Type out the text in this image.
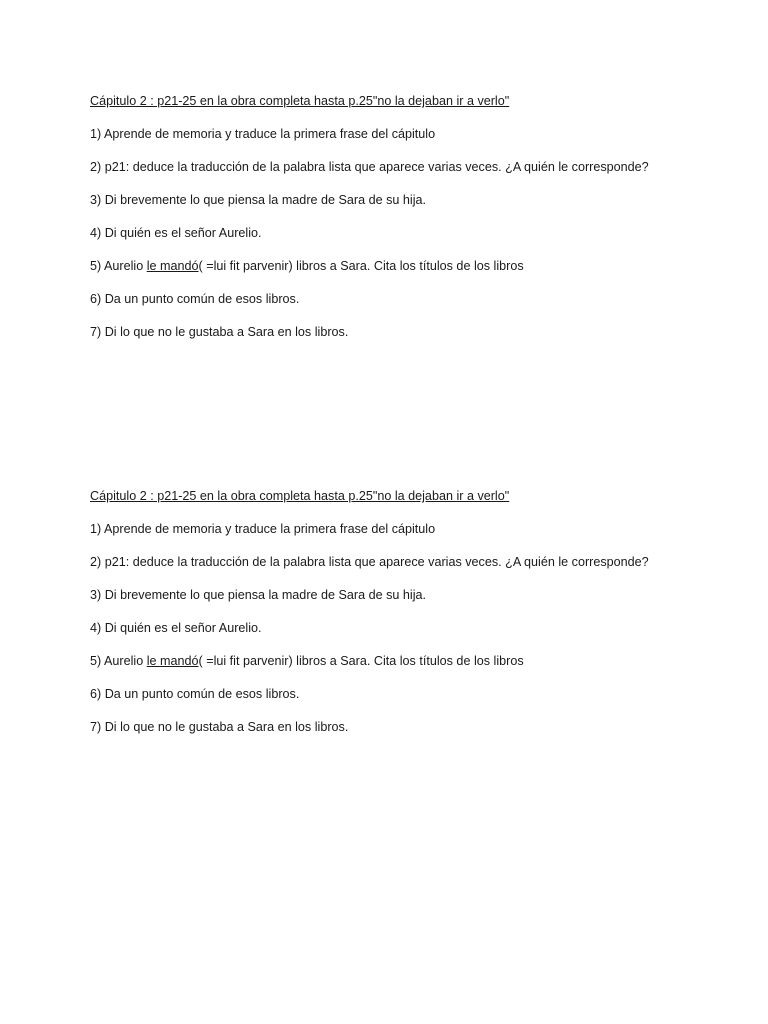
Cápitulo 2 : p21-25 en la obra completa hasta p.25"no la dejaban ir a verlo"

1) Aprende de memoria y traduce la primera frase del cápitulo

2) p21: deduce la traducción de la palabra lista que aparece varias veces. ¿A quién le corresponde?

3) Di brevemente lo que piensa la madre de Sara de su hija.

4) Di quién es el señor Aurelio.

5) Aurelio le mandó( =lui fit parvenir) libros a Sara. Cita los títulos de los libros

6) Da un punto común de esos libros.

7) Di lo que no le gustaba a Sara en los libros.

Cápitulo 2 : p21-25 en la obra completa hasta p.25"no la dejaban ir a verlo"

1) Aprende de memoria y traduce la primera frase del cápitulo

2) p21: deduce la traducción de la palabra lista que aparece varias veces. ¿A quién le corresponde?

3) Di brevemente lo que piensa la madre de Sara de su hija.

4) Di quién es el señor Aurelio.

5) Aurelio le mandó( =lui fit parvenir) libros a Sara. Cita los títulos de los libros

6) Da un punto común de esos libros.

7) Di lo que no le gustaba a Sara en los libros.
